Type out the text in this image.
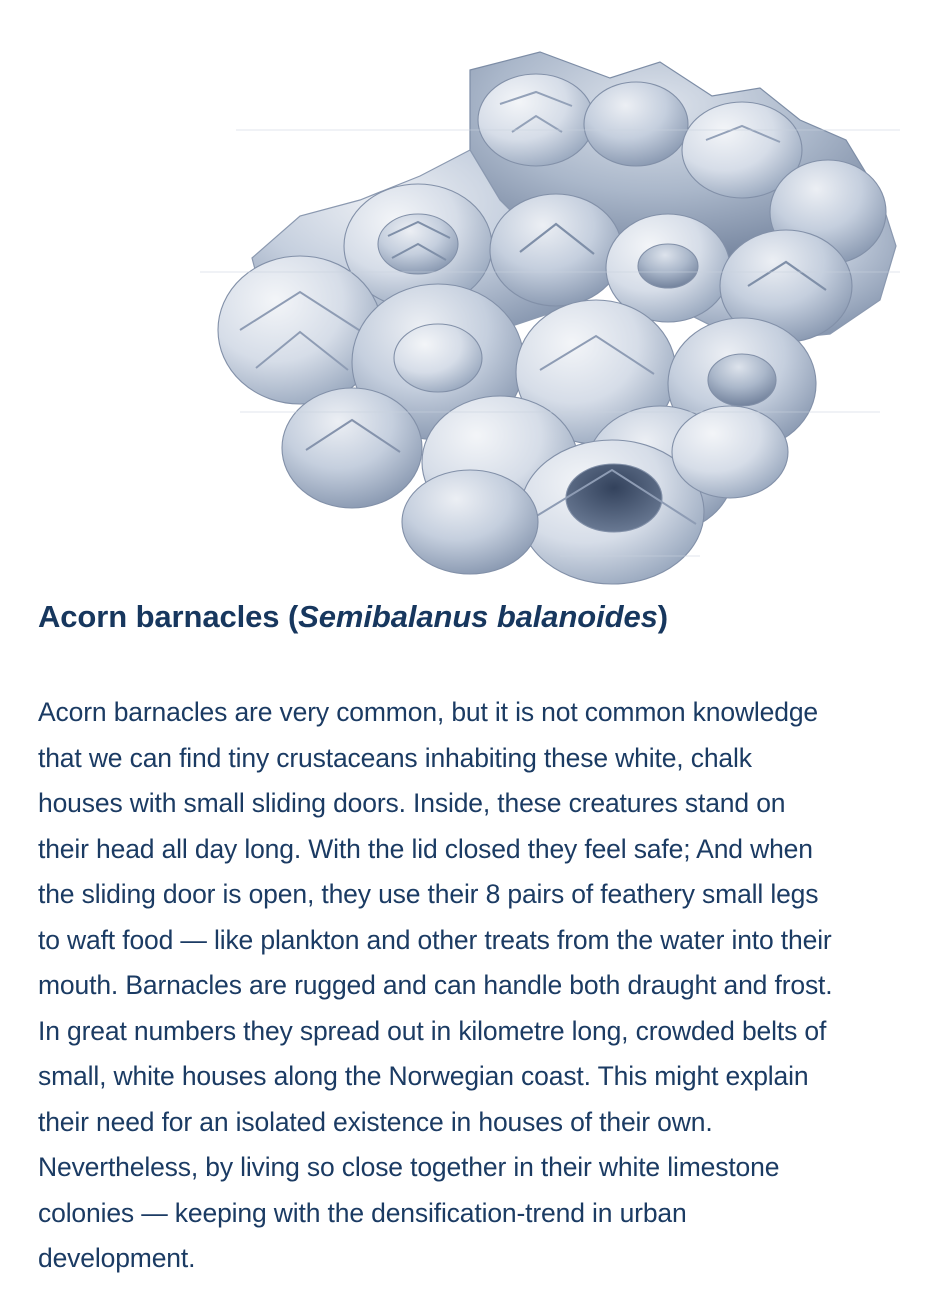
Acorn barnacles (Semibalanus balanoides)

Acorn barnacles are very common, but it is not common knowledge that we can find tiny crustaceans inhabiting these white, chalk houses with small sliding doors. Inside, these creatures stand on their head all day long. With the lid closed they feel safe; And when the sliding door is open, they use their 8 pairs of feathery small legs to waft food — like plankton and other treats from the water into their mouth. Barnacles are rugged and can handle both draught and frost. In great numbers they spread out in kilometre long, crowded belts of small, white houses along the Norwegian coast. This might explain their need for an isolated existence in houses of their own. Nevertheless, by living so close together in their white limestone colonies — keeping with the densification-trend in urban development.
